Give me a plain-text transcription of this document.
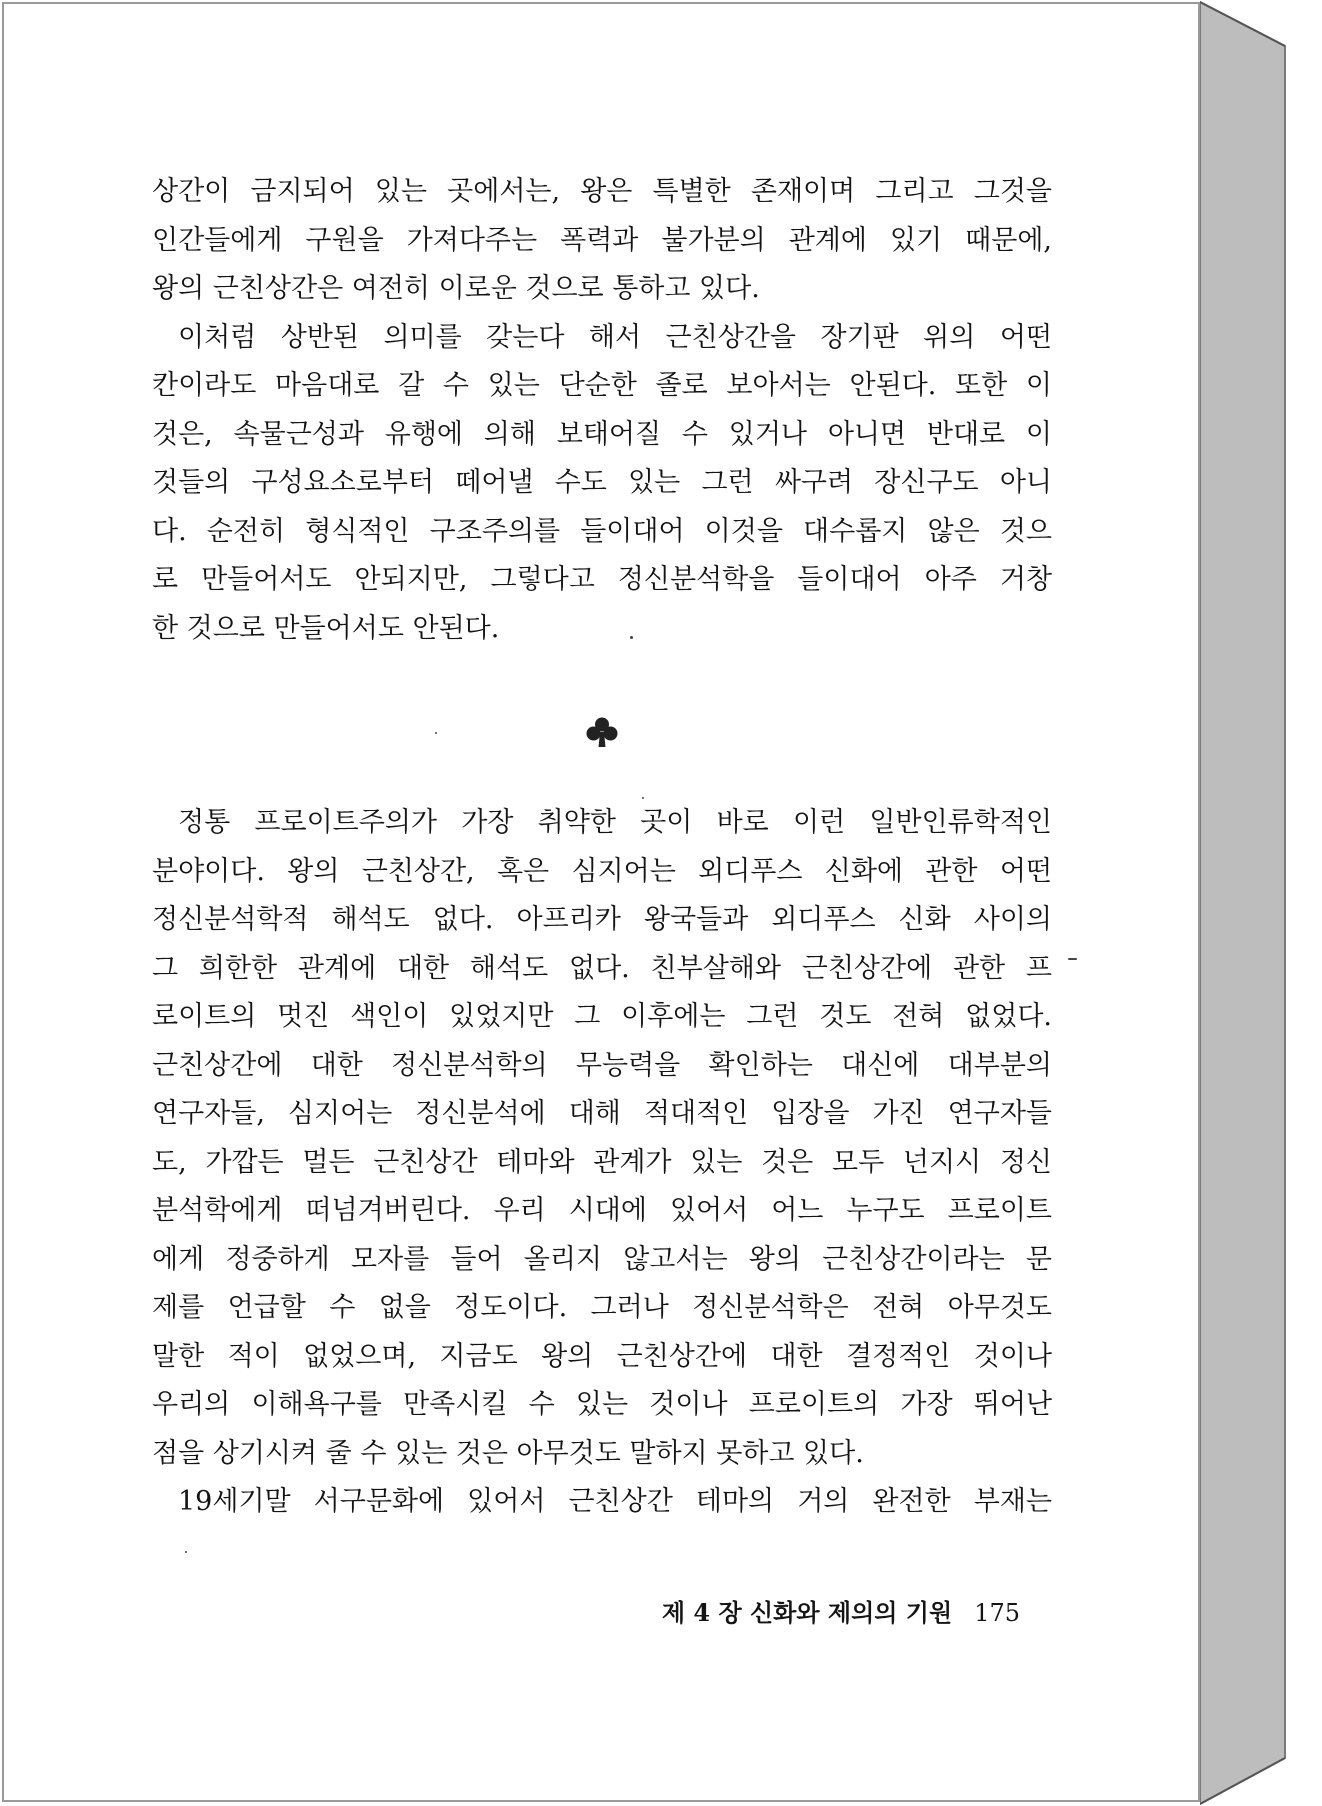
상간이 금지되어 있는 곳에서는, 왕은 특별한 존재이며 그리고 그것을
인간들에게 구원을 가져다주는 폭력과 불가분의 관계에 있기 때문에,
왕의 근친상간은 여전히 이로운 것으로 통하고 있다.
이처럼 상반된 의미를 갖는다 해서 근친상간을 장기판 위의 어떤
칸이라도 마음대로 갈 수 있는 단순한 졸로 보아서는 안된다. 또한 이
것은, 속물근성과 유행에 의해 보태어질 수 있거나 아니면 반대로 이
것들의 구성요소로부터 떼어낼 수도 있는 그런 싸구려 장신구도 아니
다. 순전히 형식적인 구조주의를 들이대어 이것을 대수롭지 않은 것으
로 만들어서도 안되지만, 그렇다고 정신분석학을 들이대어 아주 거창
한 것으로 만들어서도 안된다.
정통 프로이트주의가 가장 취약한 곳이 바로 이런 일반인류학적인
분야이다. 왕의 근친상간, 혹은 심지어는 외디푸스 신화에 관한 어떤
정신분석학적 해석도 없다. 아프리카 왕국들과 외디푸스 신화 사이의
그 희한한 관계에 대한 해석도 없다. 친부살해와 근친상간에 관한 프
로이트의 멋진 색인이 있었지만 그 이후에는 그런 것도 전혀 없었다.
근친상간에 대한 정신분석학의 무능력을 확인하는 대신에 대부분의
연구자들, 심지어는 정신분석에 대해 적대적인 입장을 가진 연구자들
도, 가깝든 멀든 근친상간 테마와 관계가 있는 것은 모두 넌지시 정신
분석학에게 떠넘겨버린다. 우리 시대에 있어서 어느 누구도 프로이트
에게 정중하게 모자를 들어 올리지 않고서는 왕의 근친상간이라는 문
제를 언급할 수 없을 정도이다. 그러나 정신분석학은 전혀 아무것도
말한 적이 없었으며, 지금도 왕의 근친상간에 대한 결정적인 것이나
우리의 이해욕구를 만족시킬 수 있는 것이나 프로이트의 가장 뛰어난
점을 상기시켜 줄 수 있는 것은 아무것도 말하지 못하고 있다.
19세기말 서구문화에 있어서 근친상간 테마의 거의 완전한 부재는
제 4 장 신화와 제의의 기원 175
